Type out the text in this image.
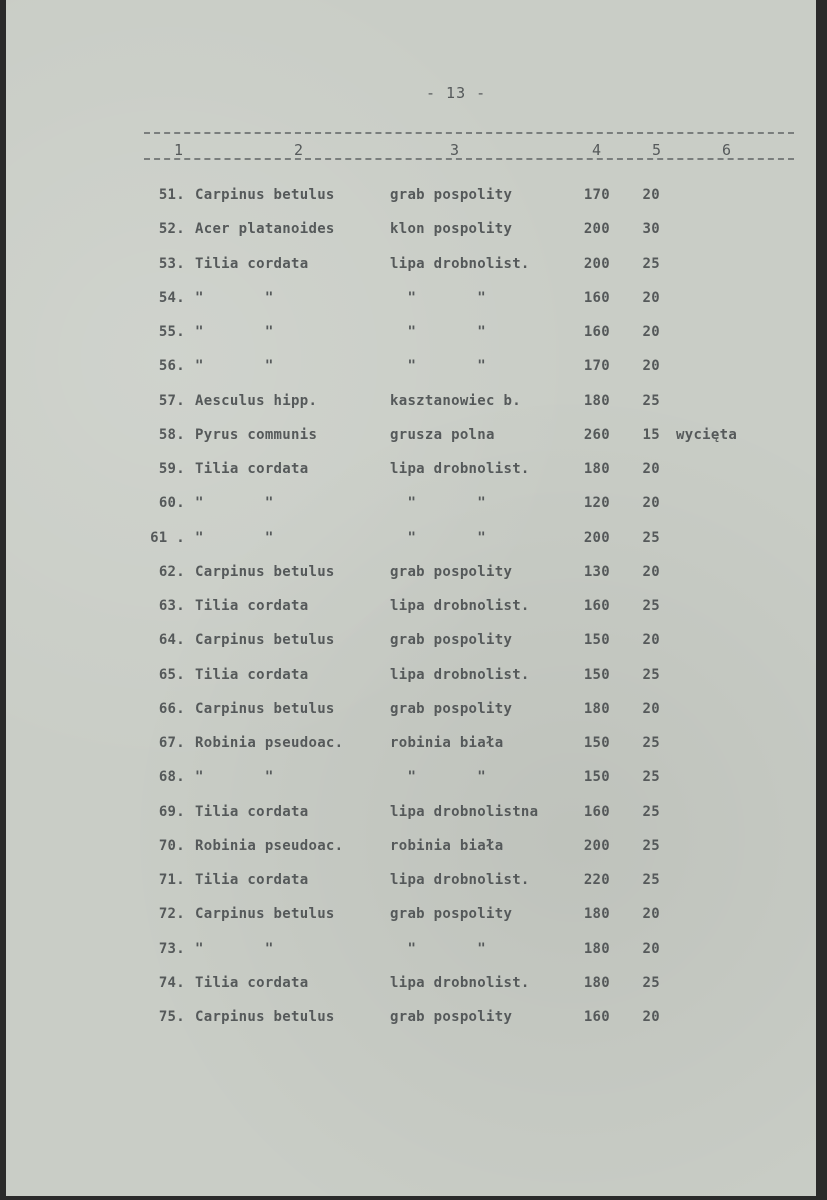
- 13 -
1	2	3	4	5	6
51. Carpinus betulus	grab pospolity	170	20
52. Acer platanoides	klon pospolity	200	30
53. Tilia cordata	lipa drobnolist.	200	25
54. "       "	"       "	160	20
55. "       "	"       "	160	20
56. "       "	"       "	170	20
57. Aesculus hipp.	kasztanowiec b.	180	25
58. Pyrus communis	grusza polna	260	15 wycięta
59. Tilia cordata	lipa drobnolist.	180	20
60. "       "	"       "	120	20
61 . "       "	"       "	200	25
62. Carpinus betulus	grab pospolity	130	20
63. Tilia cordata	lipa drobnolist.	160	25
64. Carpinus betulus	grab pospolity	150	20
65. Tilia cordata	lipa drobnolist.	150	25
66. Carpinus betulus	grab pospolity	180	20
67. Robinia pseudoac.	robinia biała	150	25
68. "       "	"       "	150	25
69. Tilia cordata	lipa drobnolistna	160	25
70. Robinia pseudoac.	robinia biała	200	25
71. Tilia cordata	lipa drobnolist.	220	25
72. Carpinus betulus	grab pospolity	180	20
73. "       "	"       "	180	20
74. Tilia cordata	lipa drobnolist.	180	25
75. Carpinus betulus	grab pospolity	160	20
